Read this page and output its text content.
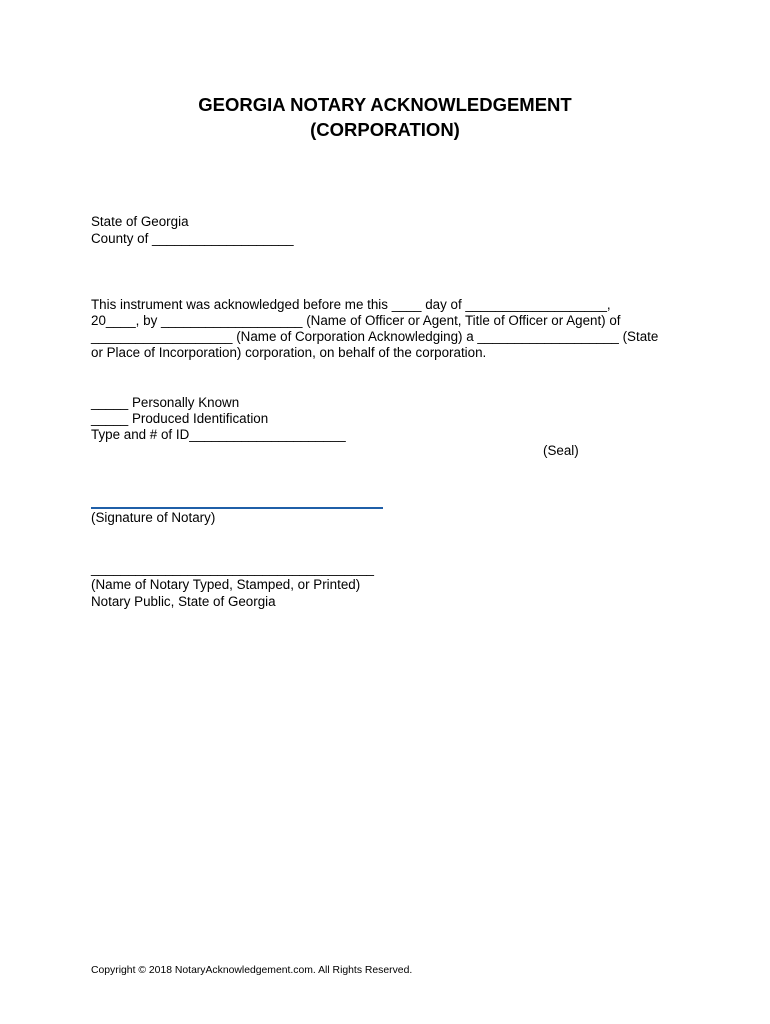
GEORGIA NOTARY ACKNOWLEDGEMENT
(CORPORATION)
State of Georgia
County of ___________________
This instrument was acknowledged before me this ____ day of ___________________,
20____, by ___________________ (Name of Officer or Agent, Title of Officer or Agent) of
___________________ (Name of Corporation Acknowledging) a ___________________ (State
or Place of Incorporation) corporation, on behalf of the corporation.
_____ Personally Known
_____ Produced Identification
Type and # of ID_____________________
(Seal)
(Signature of Notary)
______________________________________
(Name of Notary Typed, Stamped, or Printed)
Notary Public, State of Georgia
Copyright © 2018 NotaryAcknowledgement.com. All Rights Reserved.
